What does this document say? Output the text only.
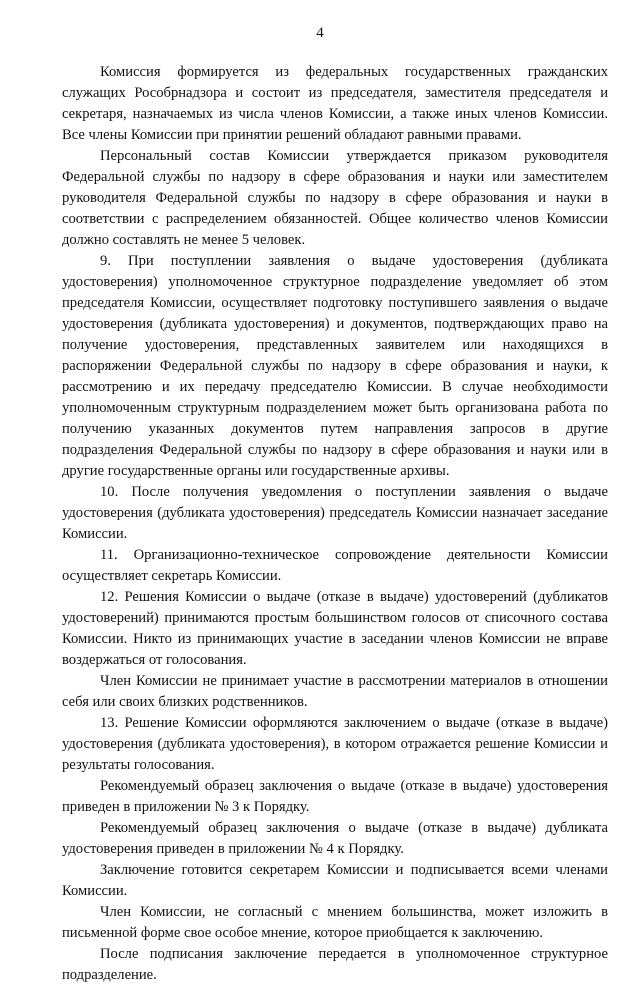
4

Комиссия формируется из федеральных государственных гражданских служащих Рособрнадзора и состоит из председателя, заместителя председателя и секретаря, назначаемых из числа членов Комиссии, а также иных членов Комиссии. Все члены Комиссии при принятии решений обладают равными правами.

Персональный состав Комиссии утверждается приказом руководителя Федеральной службы по надзору в сфере образования и науки или заместителем руководителя Федеральной службы по надзору в сфере образования и науки в соответствии с распределением обязанностей. Общее количество членов Комиссии должно составлять не менее 5 человек.

9. При поступлении заявления о выдаче удостоверения (дубликата удостоверения) уполномоченное структурное подразделение уведомляет об этом председателя Комиссии, осуществляет подготовку поступившего заявления о выдаче удостоверения (дубликата удостоверения) и документов, подтверждающих право на получение удостоверения, представленных заявителем или находящихся в распоряжении Федеральной службы по надзору в сфере образования и науки, к рассмотрению и их передачу председателю Комиссии. В случае необходимости уполномоченным структурным подразделением может быть организована работа по получению указанных документов путем направления запросов в другие подразделения Федеральной службы по надзору в сфере образования и науки или в другие государственные органы или государственные архивы.

10. После получения уведомления о поступлении заявления о выдаче удостоверения (дубликата удостоверения) председатель Комиссии назначает заседание Комиссии.

11. Организационно-техническое сопровождение деятельности Комиссии осуществляет секретарь Комиссии.

12. Решения Комиссии о выдаче (отказе в выдаче) удостоверений (дубликатов удостоверений) принимаются простым большинством голосов от списочного состава Комиссии. Никто из принимающих участие в заседании членов Комиссии не вправе воздержаться от голосования.

Член Комиссии не принимает участие в рассмотрении материалов в отношении себя или своих близких родственников.

13. Решение Комиссии оформляются заключением о выдаче (отказе в выдаче) удостоверения (дубликата удостоверения), в котором отражается решение Комиссии и результаты голосования.

Рекомендуемый образец заключения о выдаче (отказе в выдаче) удостоверения приведен в приложении № 3 к Порядку.

Рекомендуемый образец заключения о выдаче (отказе в выдаче) дубликата удостоверения приведен в приложении № 4 к Порядку.

Заключение готовится секретарем Комиссии и подписывается всеми членами Комиссии.

Член Комиссии, не согласный с мнением большинства, может изложить в письменной форме свое особое мнение, которое приобщается к заключению.

После подписания заключение передается в уполномоченное структурное подразделение.
